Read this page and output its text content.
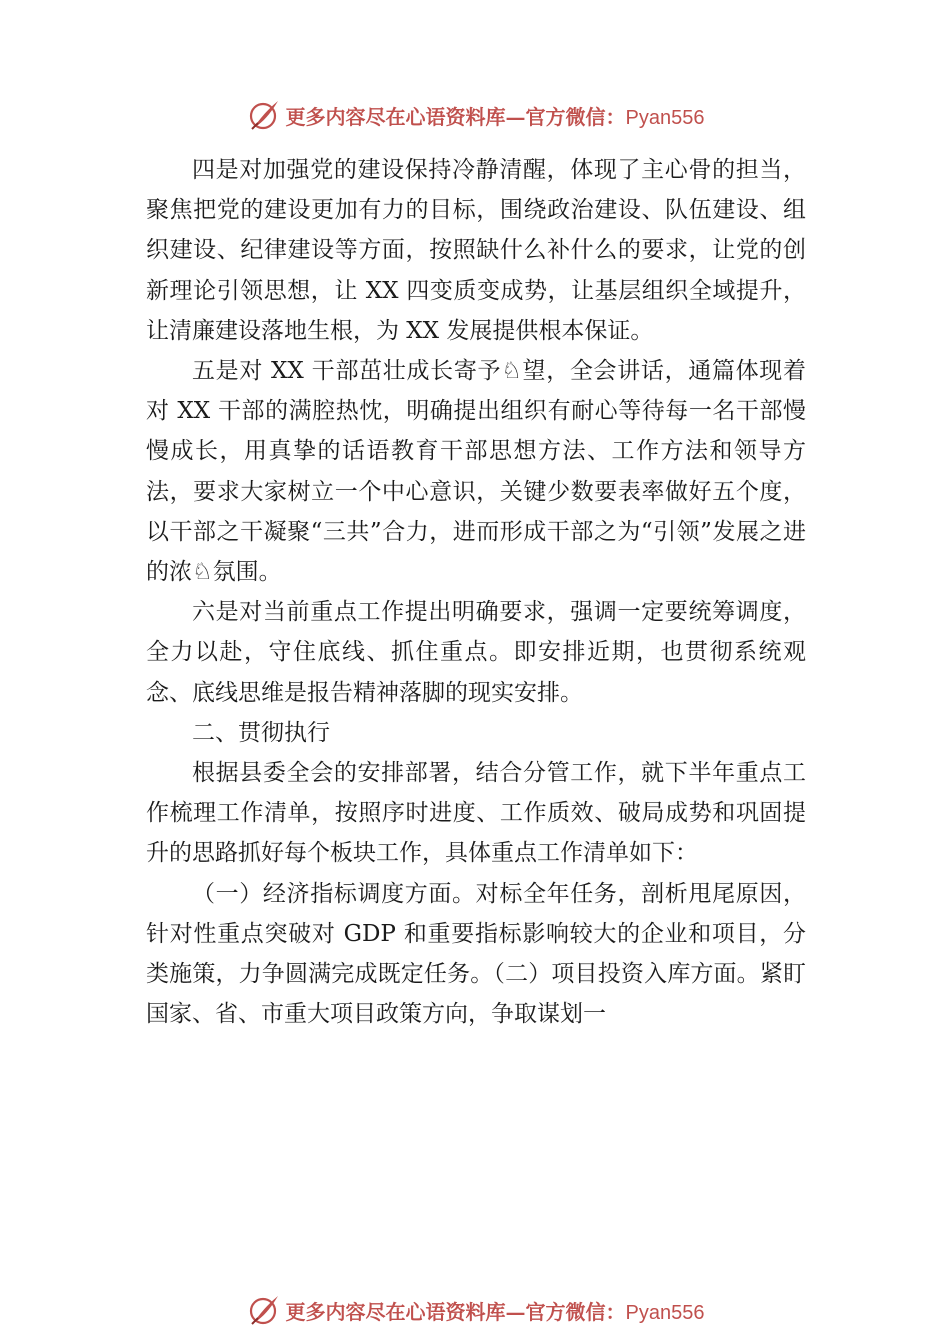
更多内容尽在心语资料库—官方微信：Pyan556

四是对加强党的建设保持冷静清醒，体现了主心骨的担当，聚焦把党的建设更加有力的目标，围绕政治建设、队伍建设、组织建设、纪律建设等方面，按照缺什么补什么的要求，让党的创新理论引领思想，让 XX 四变质变成势，让基层组织全域提升，让清廉建设落地生根，为 XX 发展提供根本保证。

五是对 XX 干部茁壮成长寄予♘望，全会讲话，通篇体现着对 XX 干部的满腔热忱，明确提出组织有耐心等待每一名干部慢慢成长，用真挚的话语教育干部思想方法、工作方法和领导方法，要求大家树立一个中心意识，关键少数要表率做好五个度，以干部之干凝聚“三共”合力，进而形成干部之为“引领”发展之进的浓♘氛围。

六是对当前重点工作提出明确要求，强调一定要统筹调度，全力以赴，守住底线、抓住重点。即安排近期，也贯彻系统观念、底线思维是报告精神落脚的现实安排。

二、贯彻执行

根据县委全会的安排部署，结合分管工作，就下半年重点工作梳理工作清单，按照序时进度、工作质效、破局成势和巩固提升的思路抓好每个板块工作，具体重点工作清单如下：

（一）经济指标调度方面。对标全年任务，剖析甩尾原因，针对性重点突破对 GDP 和重要指标影响较大的企业和项目，分类施策，力争圆满完成既定任务。（二）项目投资入库方面。紧盯国家、省、市重大项目政策方向，争取谋划一

更多内容尽在心语资料库—官方微信：Pyan556
